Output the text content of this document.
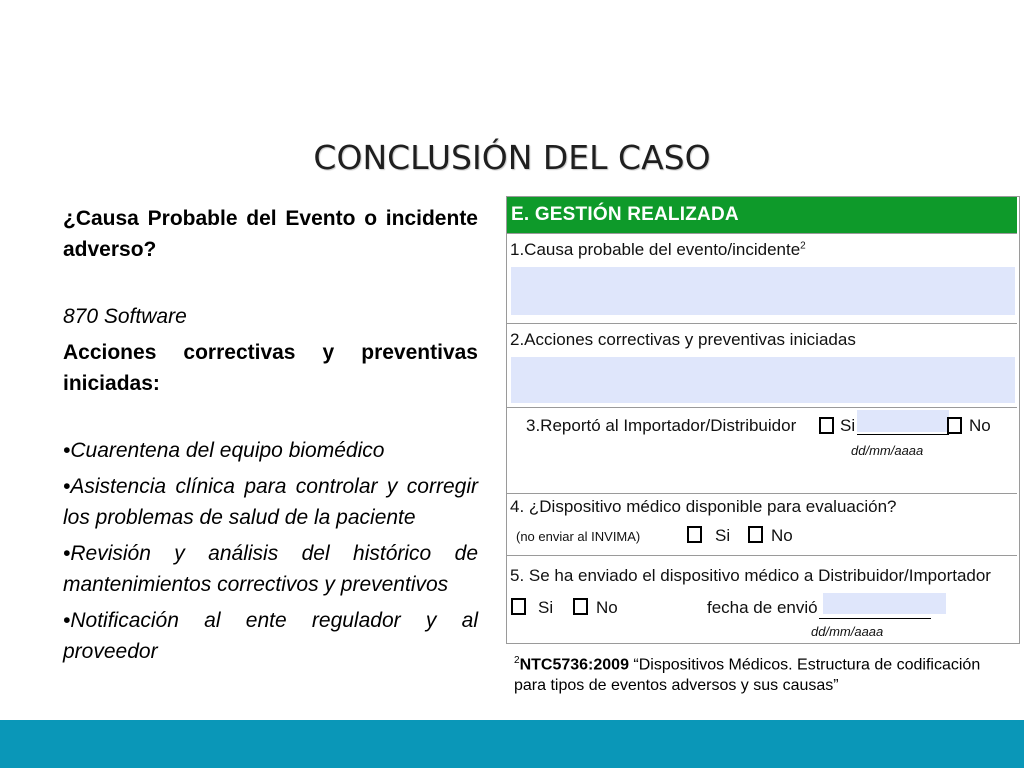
CONCLUSIÓN DEL CASO

¿Causa Probable del Evento o incidente adverso?

870 Software

Acciones correctivas y preventivas iniciadas:

•Cuarentena del equipo biomédico

•Asistencia clínica para controlar y corregir los problemas de salud de la paciente

•Revisión y análisis del histórico de mantenimientos correctivos y preventivos

•Notificación al ente regulador y al proveedor

E. GESTIÓN REALIZADA
1.Causa probable del evento/incidente$^2$
2.Acciones correctivas y preventivas iniciadas
3.Reportó al Importador/Distribuidor	Si	No
dd/mm/aaaa
4. ¿Dispositivo médico disponible para evaluación?
(no enviar al INVIMA)	Si No
5. Se ha enviado el dispositivo médico a Distribuidor/Importador
Si	No	fecha de envió
dd/mm/aaaa
$^2$NTC5736:2009 “Dispositivos Médicos. Estructura de codificación para tipos de eventos adversos y sus causas”
